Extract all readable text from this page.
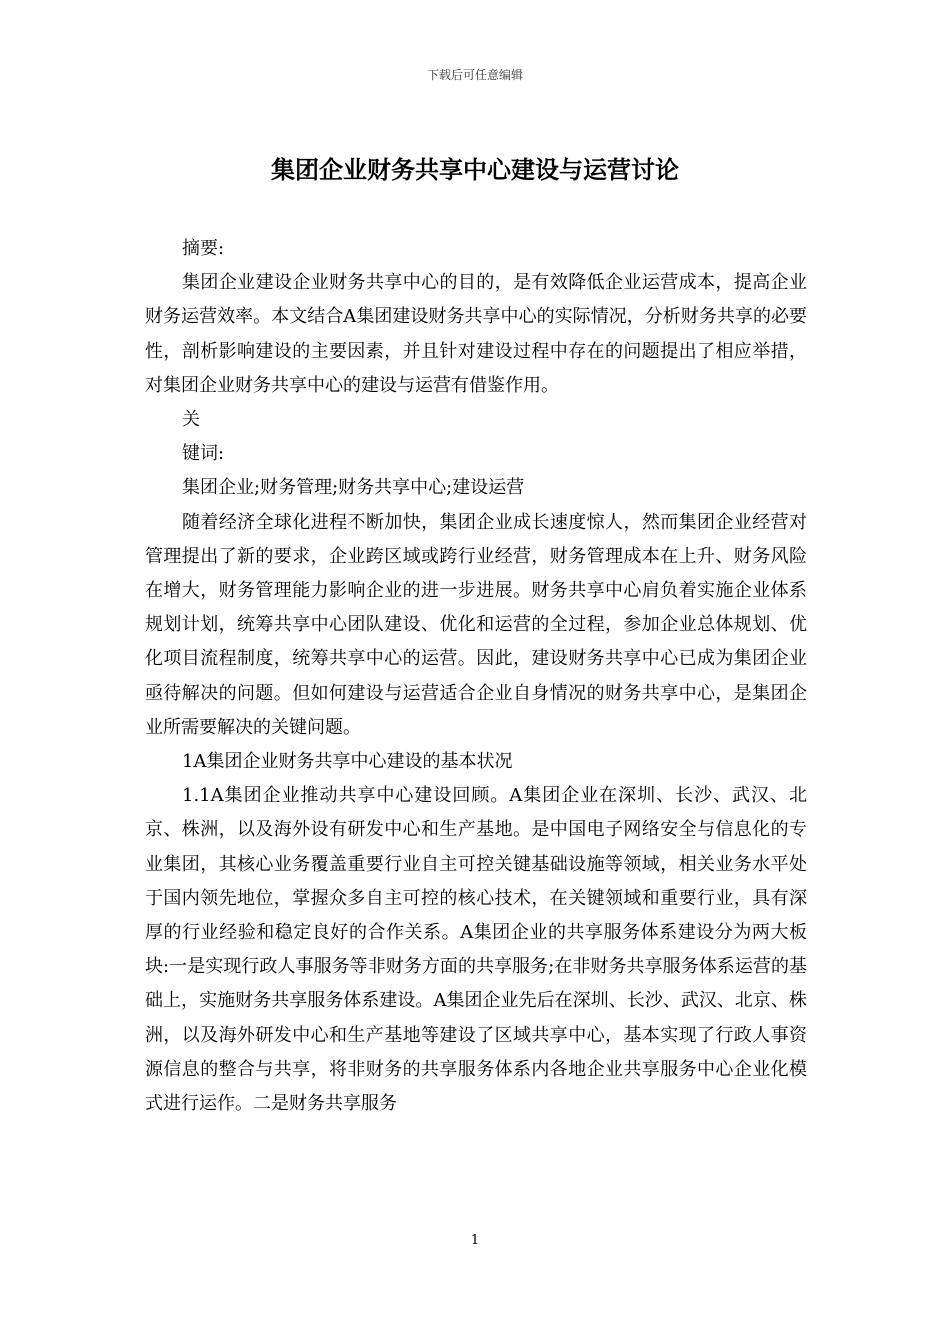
下载后可任意编辑
集团企业财务共享中心建设与运营讨论

摘要:

集团企业建设企业财务共享中心的目的，是有效降低企业运营成本，提高企业财务运营效率。本文结合A集团建设财务共享中心的实际情况，分析财务共享的必要性，剖析影响建设的主要因素，并且针对建设过程中存在的问题提出了相应举措，对集团企业财务共享中心的建设与运营有借鉴作用。

关

键词:

集团企业;财务管理;财务共享中心;建设运营

随着经济全球化进程不断加快，集团企业成长速度惊人，然而集团企业经营对管理提出了新的要求，企业跨区域或跨行业经营，财务管理成本在上升、财务风险在增大，财务管理能力影响企业的进一步进展。财务共享中心肩负着实施企业体系规划计划，统筹共享中心团队建设、优化和运营的全过程，参加企业总体规划、优化项目流程制度，统筹共享中心的运营。因此，建设财务共享中心已成为集团企业亟待解决的问题。但如何建设与运营适合企业自身情况的财务共享中心，是集团企业所需要解决的关键问题。

1A集团企业财务共享中心建设的基本状况

1.1A集团企业推动共享中心建设回顾。A集团企业在深圳、长沙、武汉、北京、株洲，以及海外设有研发中心和生产基地。是中国电子网络安全与信息化的专业集团，其核心业务覆盖重要行业自主可控关键基础设施等领域，相关业务水平处于国内领先地位，掌握众多自主可控的核心技术，在关键领域和重要行业，具有深厚的行业经验和稳定良好的合作关系。A集团企业的共享服务体系建设分为两大板块:一是实现行政人事服务等非财务方面的共享服务;在非财务共享服务体系运营的基础上，实施财务共享服务体系建设。A集团企业先后在深圳、长沙、武汉、北京、株洲，以及海外研发中心和生产基地等建设了区域共享中心，基本实现了行政人事资源信息的整合与共享，将非财务的共享服务体系内各地企业共享服务中心企业化模式进行运作。二是财务共享服务

1
